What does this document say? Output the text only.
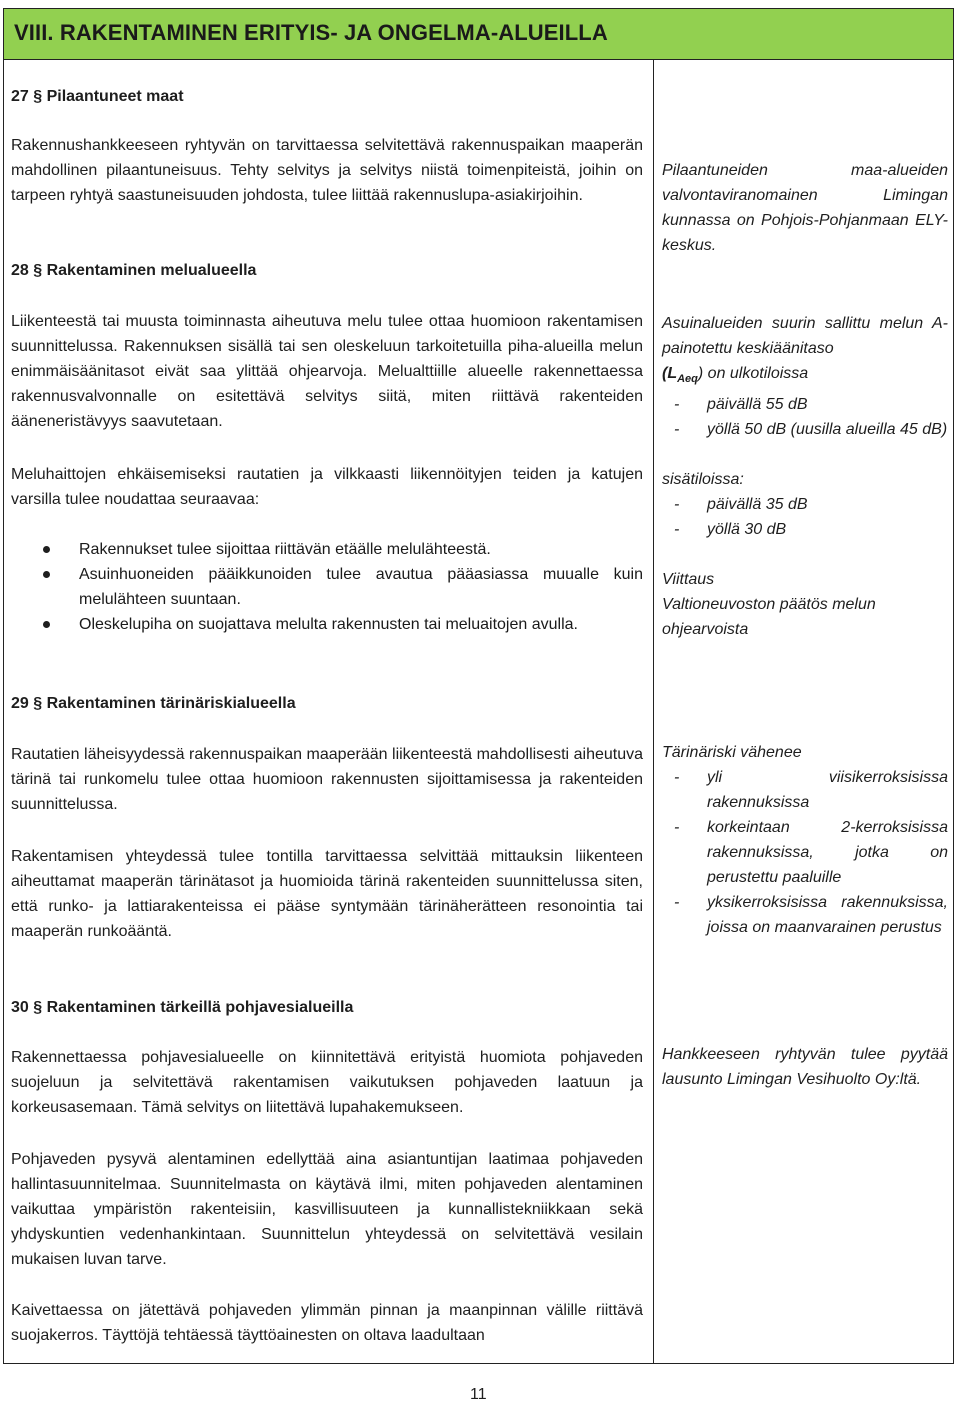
VIII. RAKENTAMINEN ERITYIS- JA ONGELMA-ALUEILLA
27 § Pilaantuneet maat
Rakennushankkeeseen ryhtyvän on tarvittaessa selvitettävä rakennuspaikan maaperän mahdollinen pilaantuneisuus. Tehty selvitys ja selvitys niistä toimenpiteistä, joihin on tarpeen ryhtyä saastuneisuuden johdosta, tulee liittää rakennuslupa-asiakirjoihin.
Pilaantuneiden maa-alueiden valvontaviranomainen Limingan kunnassa on Pohjois-Pohjanmaan ELY-keskus.
28 § Rakentaminen melualueella
Liikenteestä tai muusta toiminnasta aiheutuva melu tulee ottaa huomioon rakentamisen suunnittelussa. Rakennuksen sisällä tai sen oleskeluun tarkoitetuilla piha-alueilla melun enimmäisäänitasot eivät saa ylittää ohjearvoja. Melualttiille alueelle rakennettaessa rakennusvalvonnalle on esitettävä selvitys siitä, miten riittävä rakenteiden ääneneristävyys saavutetaan.
Meluhaittojen ehkäisemiseksi rautatien ja vilkkaasti liikennöityjen teiden ja katujen varsilla tulee noudattaa seuraavaa:
Rakennukset tulee sijoittaa riittävän etäälle melulähteestä.
Asuinhuoneiden pääikkunoiden tulee avautua pääasiassa muualle kuin melulähteen suuntaan.
Oleskelupiha on suojattava melulta rakennusten tai meluaitojen avulla.
Asuinalueiden suurin sallittu melun A-painotettu keskiäänitaso
$(L_{Aeq})$ on ulkotiloissa
- päivällä 55 dB
- yöllä 50 dB (uusilla alueilla 45 dB)
sisätiloissa:
- päivällä 35 dB
- yöllä 30 dB
Viittaus
Valtioneuvoston päätös melun ohjearvoista
29 § Rakentaminen tärinäriskialueella
Rautatien läheisyydessä rakennuspaikan maaperään liikenteestä mahdollisesti aiheutuva tärinä tai runkomelu tulee ottaa huomioon rakennusten sijoittamisessa ja rakenteiden suunnittelussa.
Rakentamisen yhteydessä tulee tontilla tarvittaessa selvittää mittauksin liikenteen aiheuttamat maaperän tärinätasot ja huomioida tärinä rakenteiden suunnittelussa siten, että runko- ja lattiarakenteissa ei pääse syntymään tärinäherätteen resonointia tai maaperän runkoääntä.
Tärinäriski vähenee
- yli viisikerroksisissa rakennuksissa
- korkeintaan 2-kerroksisissa rakennuksissa, jotka on perustettu paaluille
- yksikerroksisissa rakennuksissa, joissa on maanvarainen perustus
30 § Rakentaminen tärkeillä pohjavesialueilla
Rakennettaessa pohjavesialueelle on kiinnitettävä erityistä huomiota pohjaveden suojeluun ja selvitettävä rakentamisen vaikutuksen pohjaveden laatuun ja korkeusasemaan. Tämä selvitys on liitettävä lupahakemukseen.
Pohjaveden pysyvä alentaminen edellyttää aina asiantuntijan laatimaa pohjaveden hallintasuunnitelmaa. Suunnitelmasta on käytävä ilmi, miten pohjaveden alentaminen vaikuttaa ympäristön rakenteisiin, kasvillisuuteen ja kunnallistekniikkaan sekä yhdyskuntien vedenhankintaan. Suunnittelun yhteydessä on selvitettävä vesilain mukaisen luvan tarve.
Kaivettaessa on jätettävä pohjaveden ylimmän pinnan ja maanpinnan välille riittävä suojakerros. Täyttöjä tehtäessä täyttöainesten on oltava laadultaan
Hankkeeseen ryhtyvän tulee pyytää lausunto Limingan Vesihuolto Oy:ltä.
11
